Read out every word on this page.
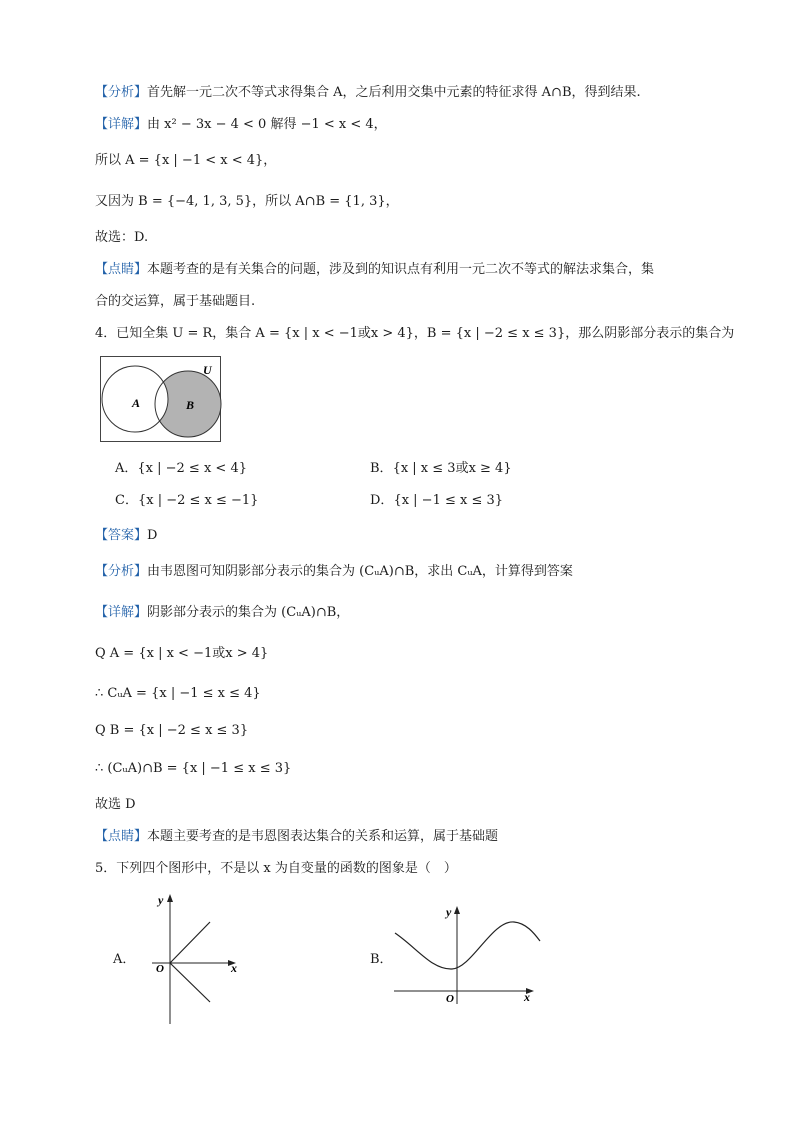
【分析】首先解一元二次不等式求得集合 A，之后利用交集中元素的特征求得 A∩B，得到结果.
【详解】由 x² − 3x − 4 < 0 解得 −1 < x < 4，
所以 A = {x | −1 < x < 4}，
又因为 B = {−4, 1, 3, 5}，所以 A∩B = {1, 3}，
故选：D.
【点睛】本题考查的是有关集合的问题，涉及到的知识点有利用一元二次不等式的解法求集合，集
合的交运算，属于基础题目.
4．已知全集 U = R，集合 A = {x | x < −1或x > 4}，B = {x | −2 ≤ x ≤ 3}，那么阴影部分表示的集合为
U
A	B
A．{x | −2 ≤ x < 4}	B．{x | x ≤ 3或x ≥ 4}
C．{x | −2 ≤ x ≤ −1}	D．{x | −1 ≤ x ≤ 3}
【答案】D
【分析】由韦恩图可知阴影部分表示的集合为 (CᵤA)∩B，求出 CᵤA，计算得到答案
【详解】阴影部分表示的集合为 (CᵤA)∩B，
Q A = {x | x < −1或x > 4}
∴ CᵤA = {x | −1 ≤ x ≤ 4}
Q B = {x | −2 ≤ x ≤ 3}
∴ (CᵤA)∩B = {x | −1 ≤ x ≤ 3}
故选 D
【点睛】本题主要考查的是韦恩图表达集合的关系和运算，属于基础题
5．下列四个图形中，不是以 x 为自变量的函数的图象是（　）
A．
y
x
O
B．
y
x
O
